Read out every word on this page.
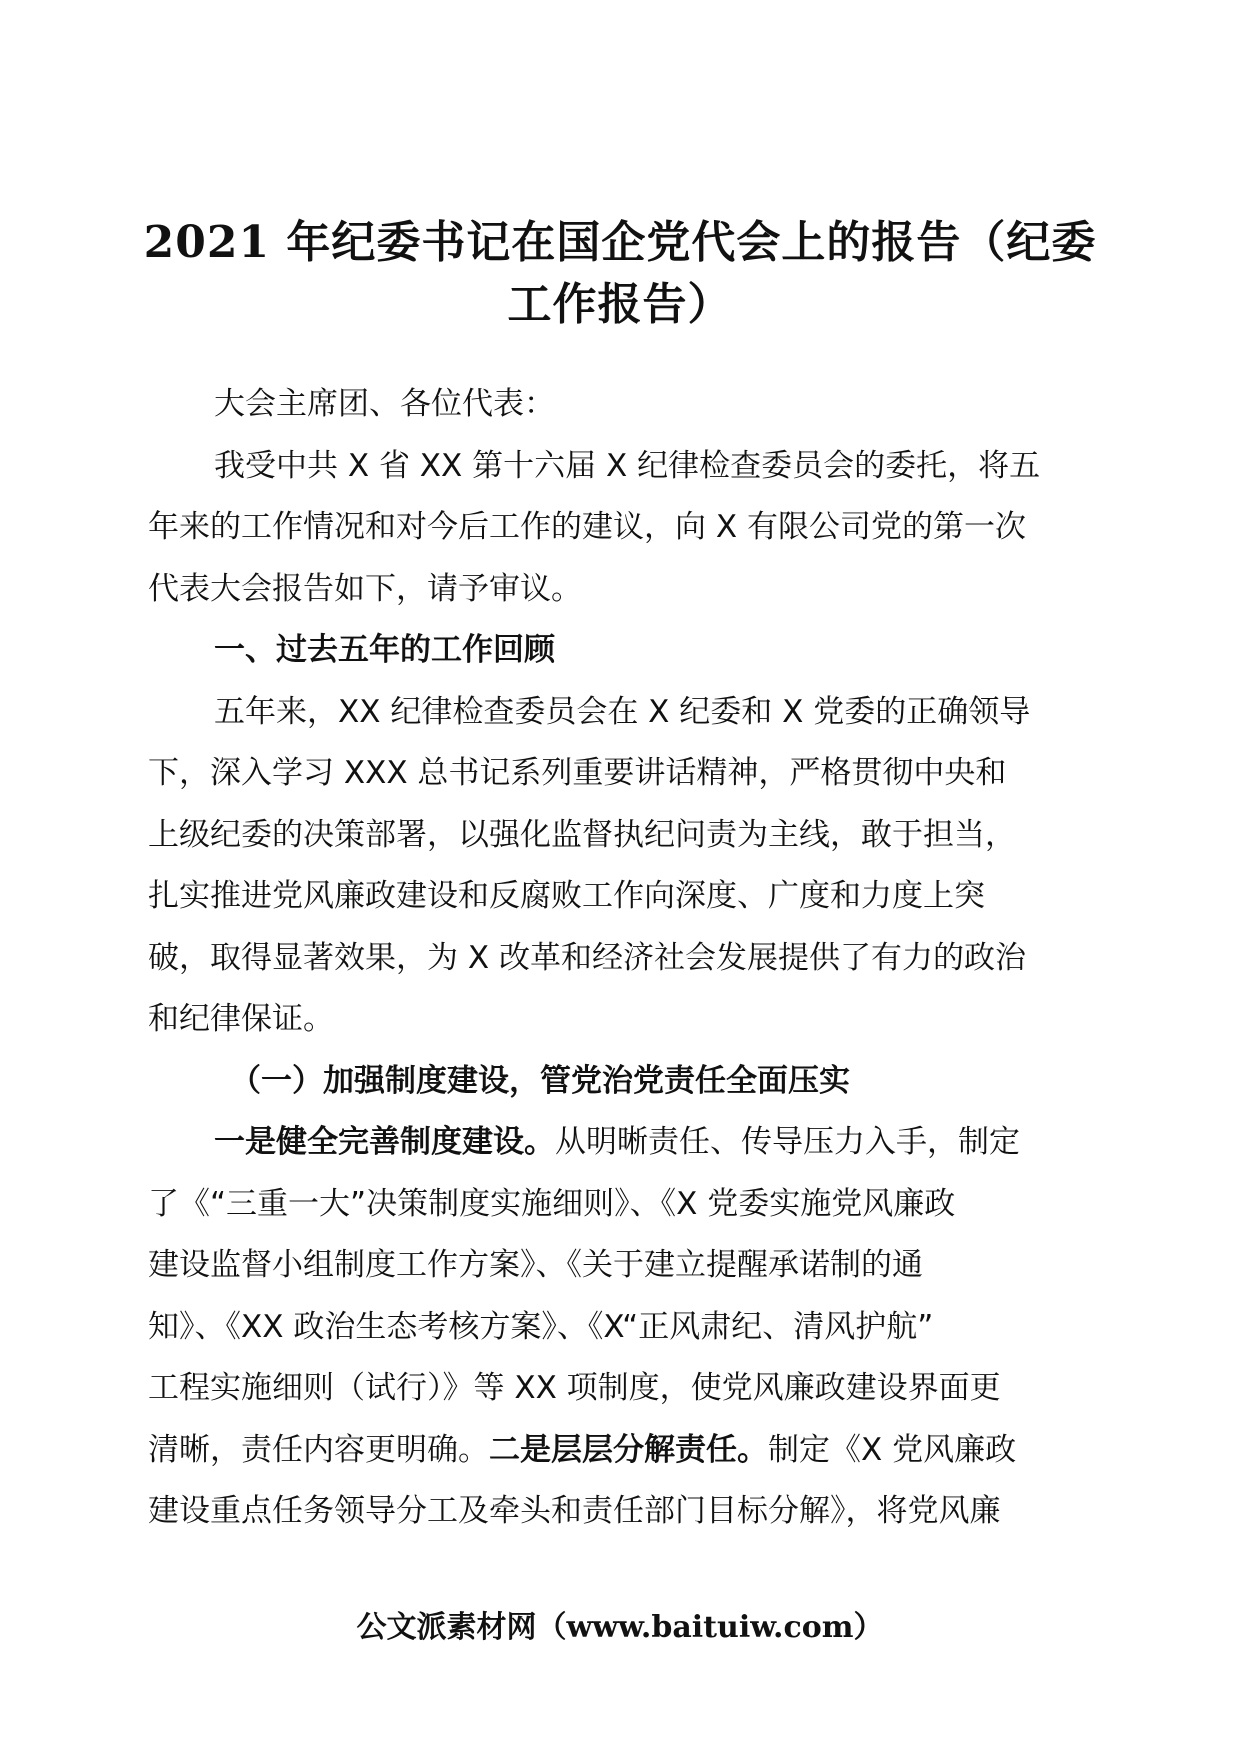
2021 年纪委书记在国企党代会上的报告（纪委
工作报告）
大会主席团、各位代表：
我受中共 X 省 XX 第十六届 X 纪律检查委员会的委托，将五
年来的工作情况和对今后工作的建议，向 X 有限公司党的第一次
代表大会报告如下，请予审议。
一、过去五年的工作回顾
五年来，XX 纪律检查委员会在 X 纪委和 X 党委的正确领导
下，深入学习 XXX 总书记系列重要讲话精神，严格贯彻中央和
上级纪委的决策部署，以强化监督执纪问责为主线，敢于担当，
扎实推进党风廉政建设和反腐败工作向深度、广度和力度上突
破，取得显著效果，为 X 改革和经济社会发展提供了有力的政治
和纪律保证。
（一）加强制度建设，管党治党责任全面压实
一是健全完善制度建设。从明晰责任、传导压力入手，制定
了《“三重一大”决策制度实施细则》、《X 党委实施党风廉政
建设监督小组制度工作方案》、《关于建立提醒承诺制的通
知》、《XX 政治生态考核方案》、《X“正风肃纪、清风护航”
工程实施细则（试行）》等 XX 项制度，使党风廉政建设界面更
清晰，责任内容更明确。二是层层分解责任。制定《X 党风廉政
建设重点任务领导分工及牵头和责任部门目标分解》，将党风廉
公文派素材网（www.baituiw.com）
